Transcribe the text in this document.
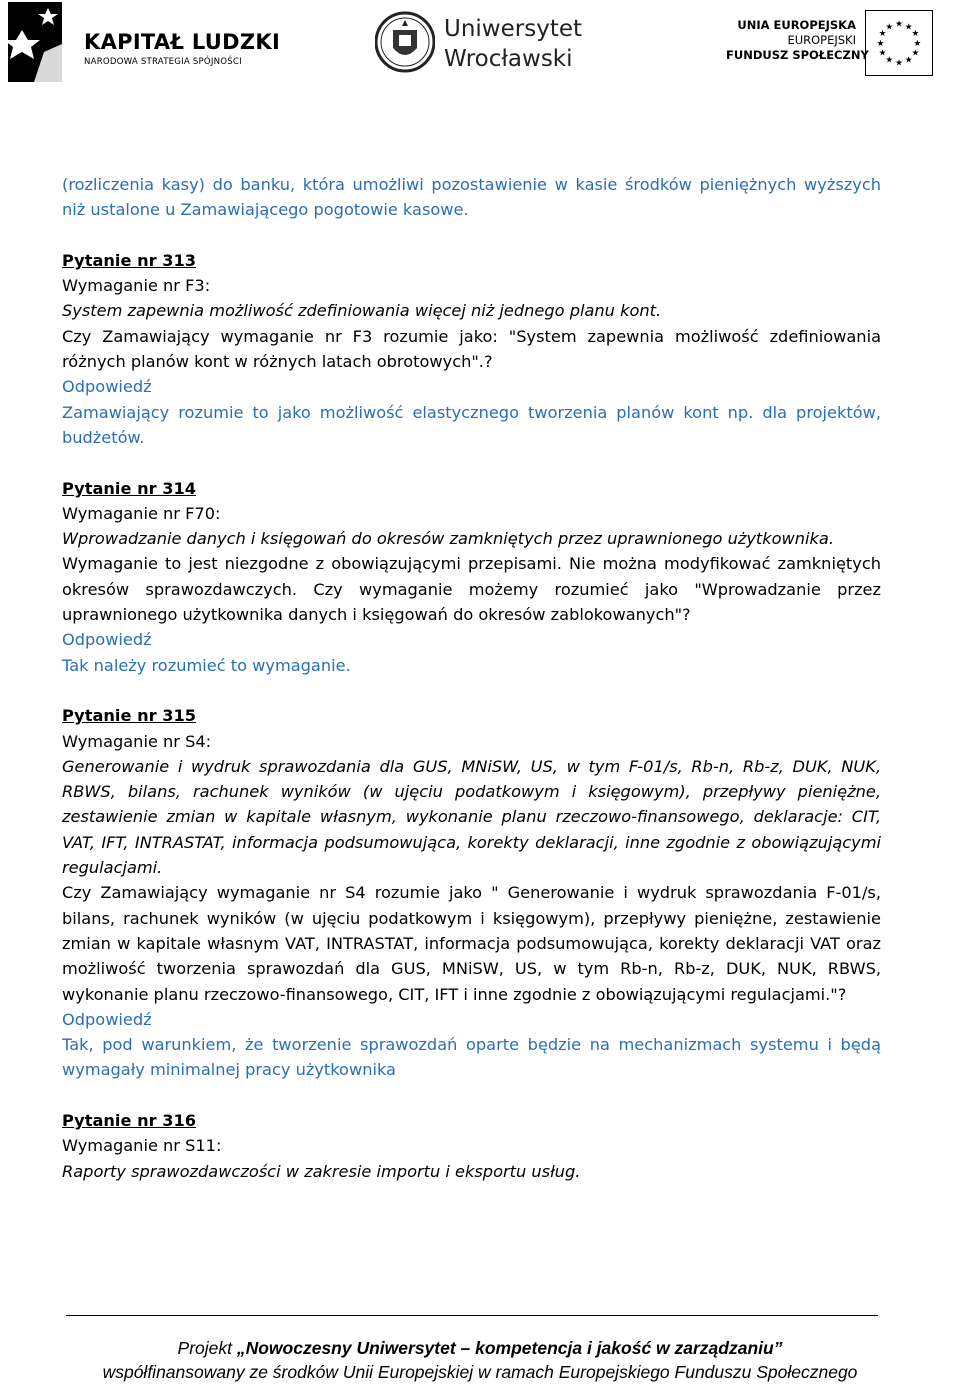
KAPITAŁ LUDZKI
NARODOWA STRATEGIA SPÓJNOŚCI
Uniwersytet
Wrocławski
UNIA EUROPEJSKA
EUROPEJSKI
FUNDUSZ SPOŁECZNY
★ ★
★
★
★
★
★
★
★
★
★
★

(rozliczenia kasy) do banku, która umożliwi pozostawienie w kasie środków pieniężnych wyższych niż ustalone u Zamawiającego pogotowie kasowe.

Pytanie nr 313

Wymaganie nr F3:

System zapewnia możliwość zdefiniowania więcej niż jednego planu kont.

Czy Zamawiający wymaganie nr F3 rozumie jako: "System zapewnia możliwość zdefiniowania różnych planów kont w różnych latach obrotowych".?

Odpowiedź

Zamawiający rozumie to jako możliwość elastycznego tworzenia planów kont np. dla projektów, budżetów.

Pytanie nr 314

Wymaganie nr F70:

Wprowadzanie danych i księgowań do okresów zamkniętych przez uprawnionego użytkownika.

Wymaganie to jest niezgodne z obowiązującymi przepisami. Nie można modyfikować zamkniętych okresów sprawozdawczych. Czy wymaganie możemy rozumieć jako "Wprowadzanie przez uprawnionego użytkownika danych i księgowań do okresów zablokowanych"?

Odpowiedź

Tak należy rozumieć to wymaganie.

Pytanie nr 315

Wymaganie nr S4:

Generowanie i wydruk sprawozdania dla GUS, MNiSW, US, w tym F-01/s, Rb-n, Rb-z, DUK, NUK, RBWS, bilans, rachunek wyników (w ujęciu podatkowym i księgowym), przepływy pieniężne, zestawienie zmian w kapitale własnym, wykonanie planu rzeczowo-finansowego, deklaracje: CIT, VAT, IFT, INTRASTAT, informacja podsumowująca, korekty deklaracji, inne zgodnie z obowiązującymi regulacjami.

Czy Zamawiający wymaganie nr S4 rozumie jako " Generowanie i wydruk sprawozdania F-01/s, bilans, rachunek wyników (w ujęciu podatkowym i księgowym), przepływy pieniężne, zestawienie zmian w kapitale własnym VAT, INTRASTAT, informacja podsumowująca, korekty deklaracji VAT oraz możliwość tworzenia sprawozdań dla GUS, MNiSW, US, w tym Rb-n, Rb-z, DUK, NUK, RBWS, wykonanie planu rzeczowo-finansowego, CIT, IFT i inne zgodnie z obowiązującymi regulacjami."?

Odpowiedź

Tak, pod warunkiem, że tworzenie sprawozdań oparte będzie na mechanizmach systemu i będą wymagały minimalnej pracy użytkownika

Pytanie nr 316

Wymaganie nr S11:

Raporty sprawozdawczości w zakresie importu i eksportu usług.

Projekt „Nowoczesny Uniwersytet – kompetencja i jakość w zarządzaniu”
współfinansowany ze środków Unii Europejskiej w ramach Europejskiego Funduszu Społecznego
